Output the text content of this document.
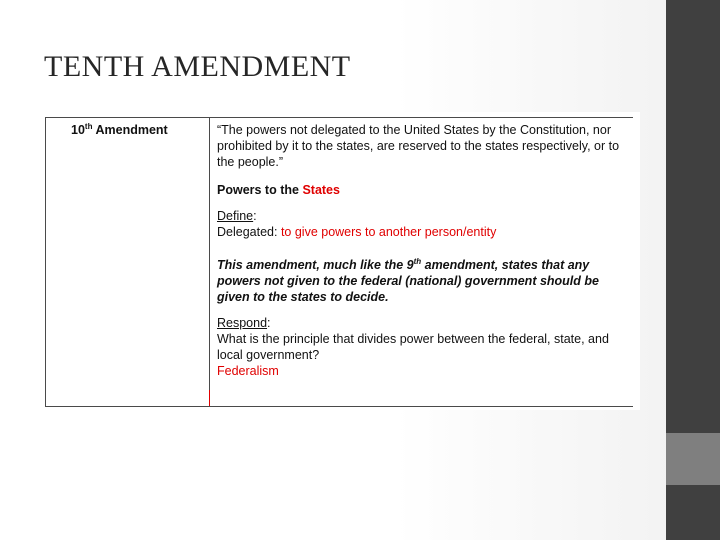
TENTH AMENDMENT
10th Amendment	“The powers not delegated to the United States by the Constitution, nor prohibited by it to the states, are reserved to the states respectively, or to the people.”

Powers to the States

Define:
Delegated: to give powers to another person/entity

This amendment, much like the 9th amendment, states that any powers not given to the federal (national) government should be given to the states to decide.

Respond:
What is the principle that divides power between the federal, state, and local government?
Federalism
